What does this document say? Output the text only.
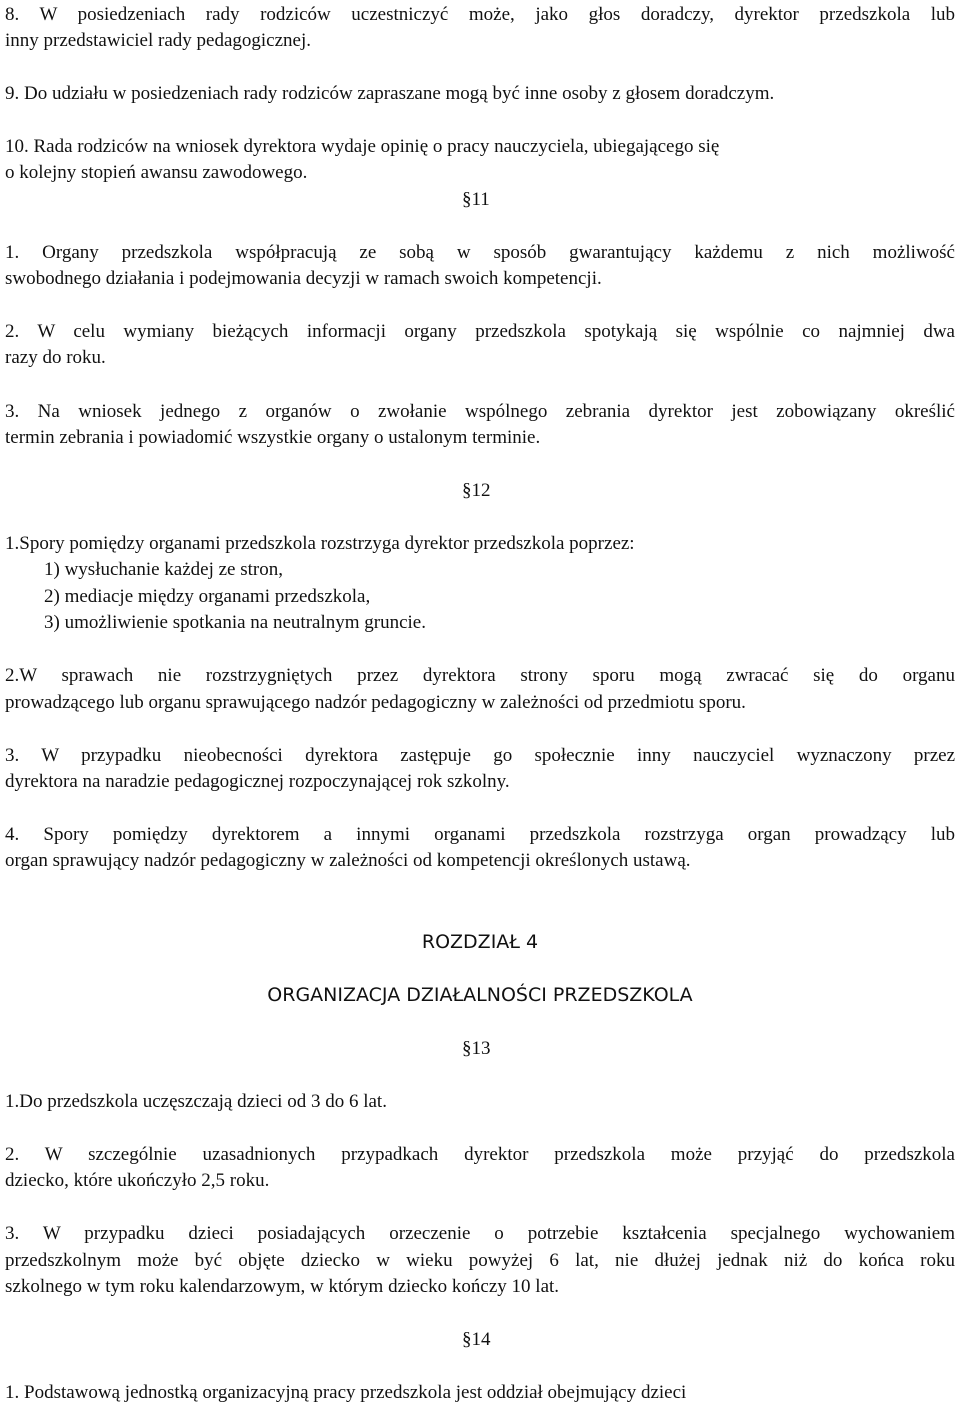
8. W posiedzeniach rady rodziców uczestniczyć może, jako głos doradczy, dyrektor przedszkola lub
inny przedstawiciel rady pedagogicznej.
9. Do udziału w posiedzeniach rady rodziców zapraszane mogą być inne osoby z głosem doradczym.
10. Rada rodziców na wniosek dyrektora wydaje opinię o pracy nauczyciela, ubiegającego się
o kolejny stopień awansu zawodowego.
§11
1. Organy przedszkola współpracują ze sobą w sposób gwarantujący każdemu z nich możliwość
swobodnego działania i podejmowania decyzji w ramach swoich kompetencji.
2. W celu wymiany bieżących informacji organy przedszkola spotykają się wspólnie co najmniej dwa
razy do roku.
3. Na wniosek jednego z organów o zwołanie wspólnego zebrania dyrektor jest zobowiązany określić
termin zebrania i powiadomić wszystkie organy o ustalonym terminie.
§12
1.Spory pomiędzy organami przedszkola rozstrzyga dyrektor przedszkola poprzez:
1) wysłuchanie każdej ze stron,
2) mediacje między organami przedszkola,
3) umożliwienie spotkania na neutralnym gruncie.
2.W sprawach nie rozstrzygniętych przez dyrektora strony sporu mogą zwracać się do organu
prowadzącego lub organu sprawującego nadzór pedagogiczny w zależności od przedmiotu sporu.
3. W przypadku nieobecności dyrektora zastępuje go społecznie inny nauczyciel wyznaczony przez
dyrektora na naradzie pedagogicznej rozpoczynającej rok szkolny.
4. Spory pomiędzy dyrektorem a innymi organami przedszkola rozstrzyga organ prowadzący lub
organ sprawujący nadzór pedagogiczny w zależności od kompetencji określonych ustawą.
ROZDZIAŁ 4
ORGANIZACJA DZIAŁALNOŚCI PRZEDSZKOLA
§13
1.Do przedszkola uczęszczają dzieci od 3 do 6 lat.
2. W szczególnie uzasadnionych przypadkach dyrektor przedszkola może przyjąć do przedszkola
dziecko, które ukończyło 2,5 roku.
3. W przypadku dzieci posiadających orzeczenie o potrzebie kształcenia specjalnego wychowaniem
przedszkolnym może być objęte dziecko w wieku powyżej 6 lat, nie dłużej jednak niż do końca roku
szkolnego w tym roku kalendarzowym, w którym dziecko kończy 10 lat.
§14
1. Podstawową jednostką organizacyjną pracy przedszkola jest oddział obejmujący dzieci
